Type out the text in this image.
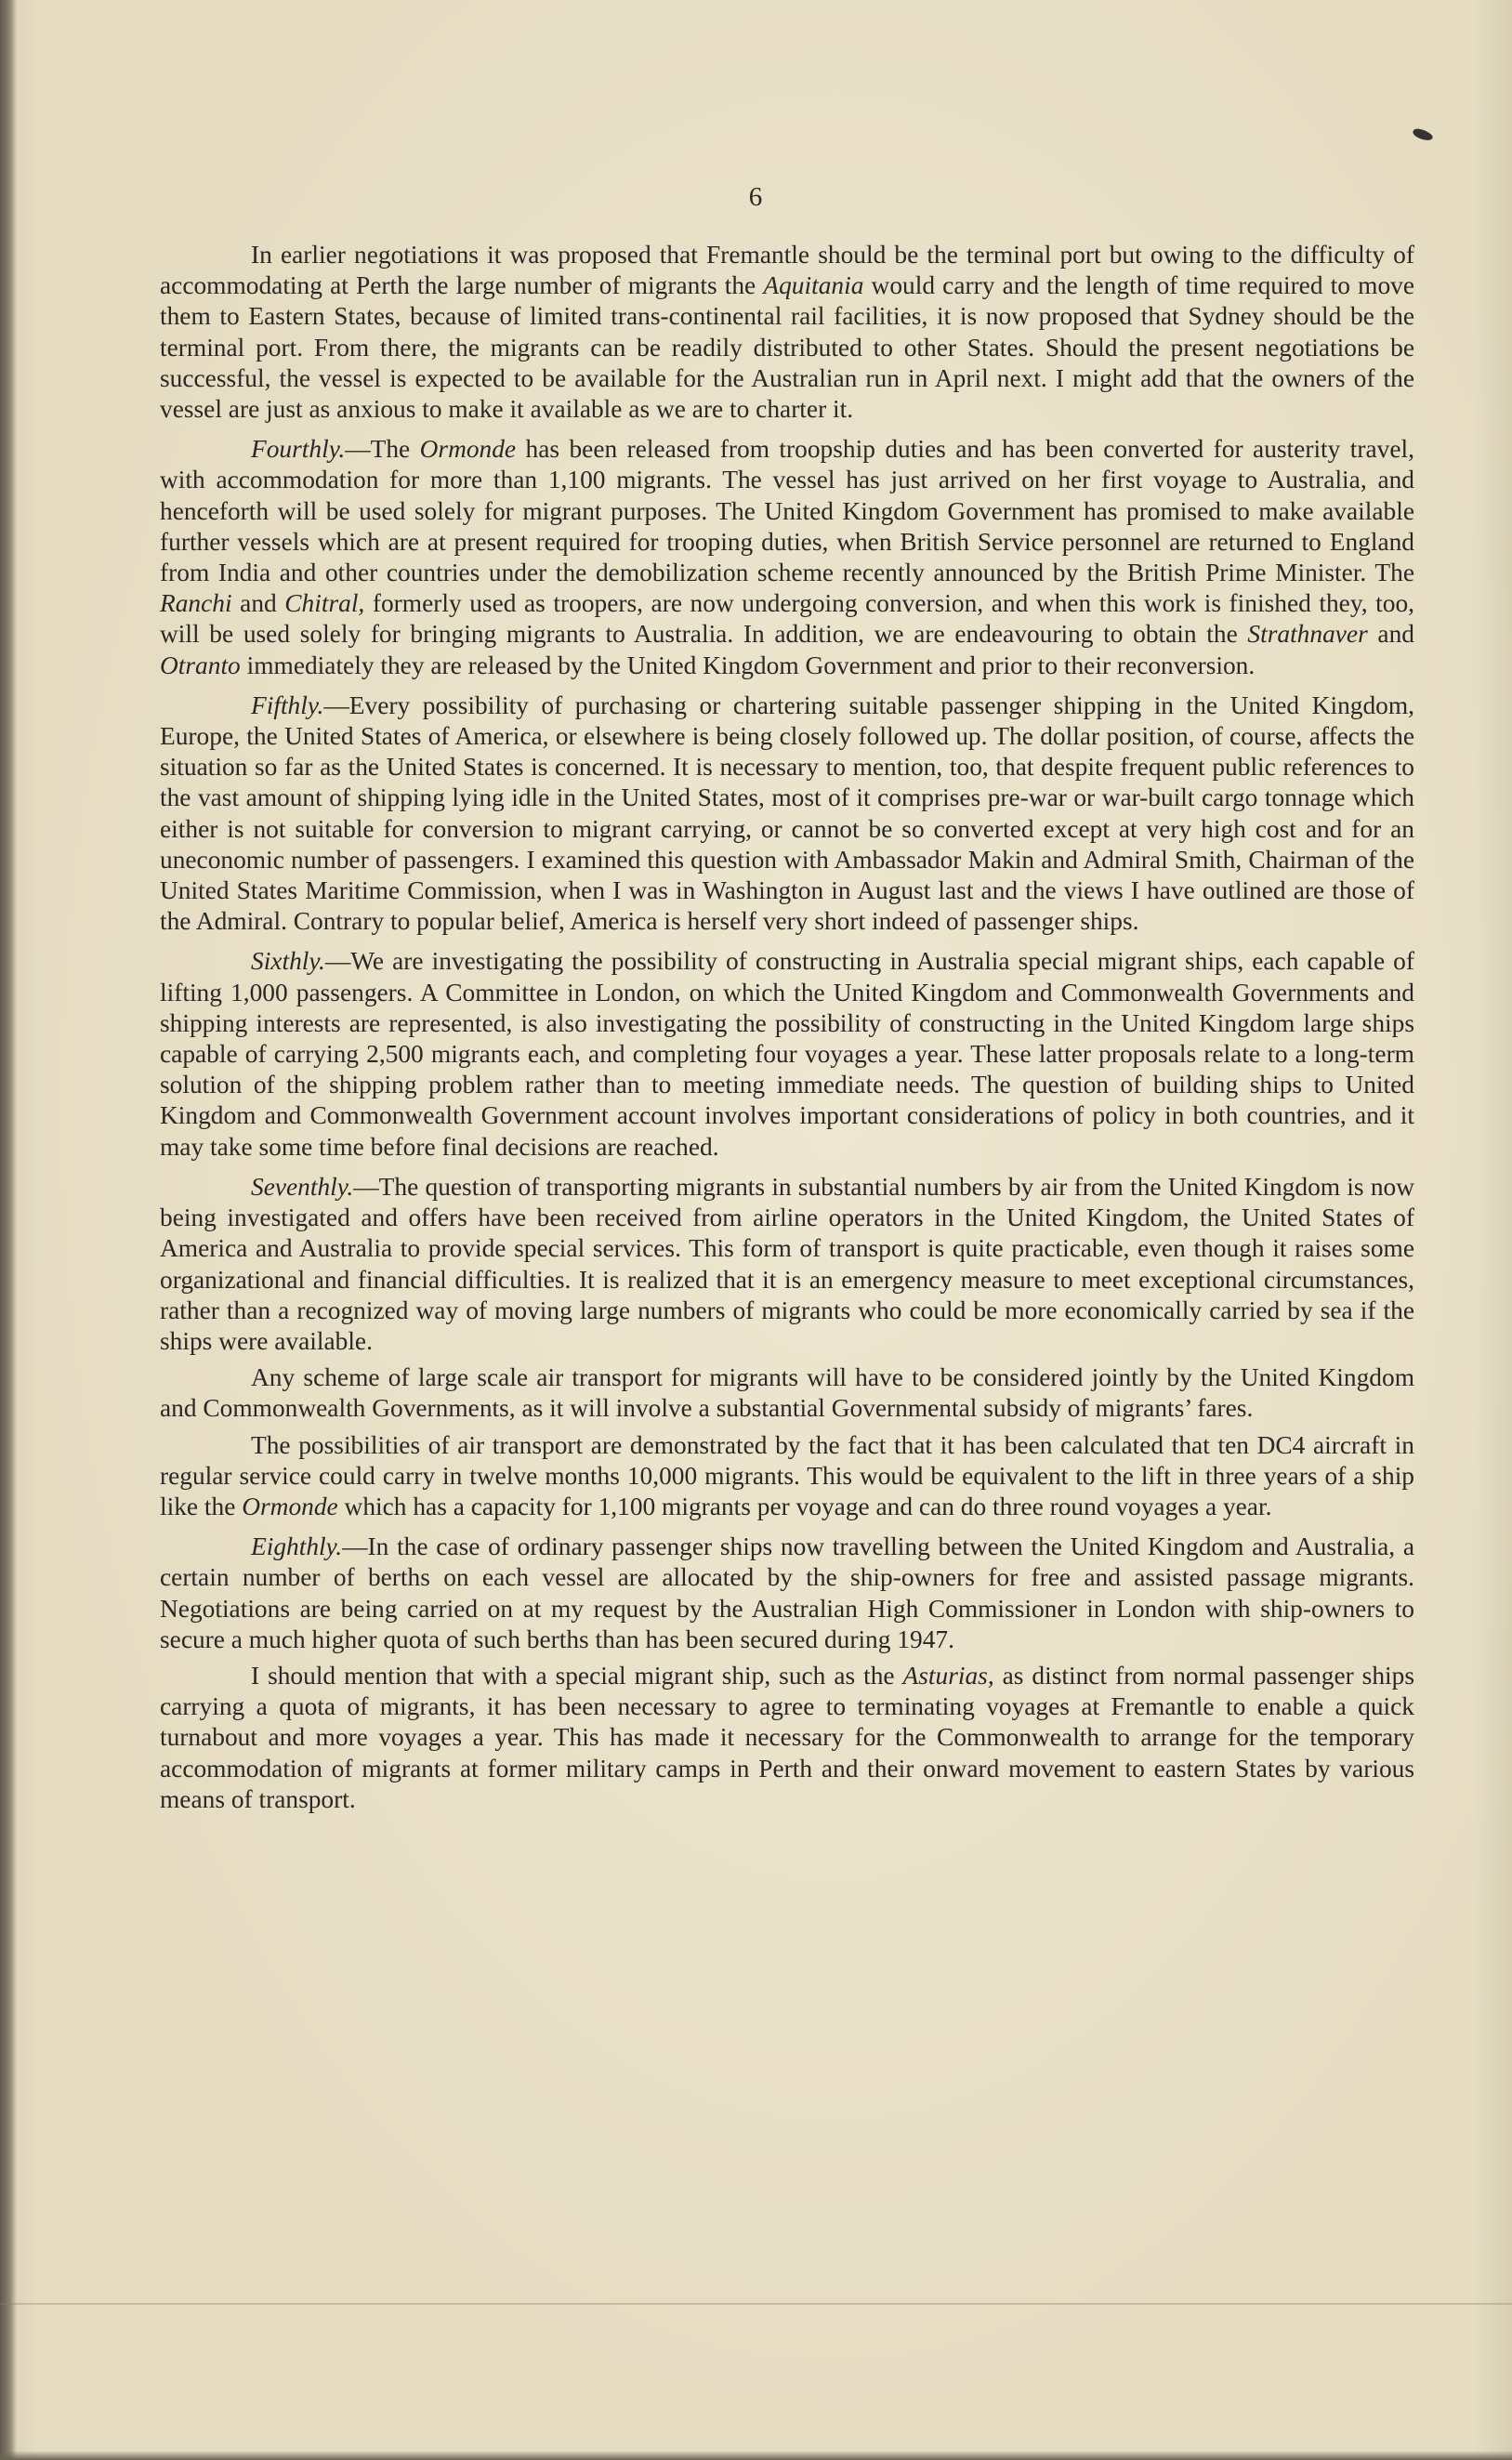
6

In earlier negotiations it was proposed that Fremantle should be the terminal port but owing to the difficulty of accommodating at Perth the large number of migrants the Aquitania would carry and the length of time required to move them to Eastern States, because of limited trans-continental rail facilities, it is now proposed that Sydney should be the terminal port. From there, the migrants can be readily distributed to other States. Should the present negotiations be successful, the vessel is expected to be available for the Australian run in April next. I might add that the owners of the vessel are just as anxious to make it available as we are to charter it.

Fourthly.—The Ormonde has been released from troopship duties and has been converted for austerity travel, with accommodation for more than 1,100 migrants. The vessel has just arrived on her first voyage to Australia, and henceforth will be used solely for migrant purposes. The United Kingdom Government has promised to make available further vessels which are at present required for trooping duties, when British Service personnel are returned to England from India and other countries under the demobilization scheme recently announced by the British Prime Minister. The Ranchi and Chitral, formerly used as troopers, are now undergoing conversion, and when this work is finished they, too, will be used solely for bringing migrants to Australia. In addition, we are endeavouring to obtain the Strathnaver and Otranto immediately they are released by the United Kingdom Government and prior to their reconversion.

Fifthly.—Every possibility of purchasing or chartering suitable passenger shipping in the United Kingdom, Europe, the United States of America, or elsewhere is being closely followed up. The dollar position, of course, affects the situation so far as the United States is concerned. It is necessary to mention, too, that despite frequent public references to the vast amount of shipping lying idle in the United States, most of it comprises pre-war or war-built cargo tonnage which either is not suitable for conversion to migrant carrying, or cannot be so converted except at very high cost and for an uneconomic number of passengers. I examined this question with Ambassador Makin and Admiral Smith, Chairman of the United States Maritime Commission, when I was in Washington in August last and the views I have outlined are those of the Admiral. Contrary to popular belief, America is herself very short indeed of passenger ships.

Sixthly.—We are investigating the possibility of constructing in Australia special migrant ships, each capable of lifting 1,000 passengers. A Committee in London, on which the United Kingdom and Commonwealth Governments and shipping interests are represented, is also investigating the possibility of constructing in the United Kingdom large ships capable of carrying 2,500 migrants each, and completing four voyages a year. These latter proposals relate to a long-term solution of the shipping problem rather than to meeting immediate needs. The question of building ships to United Kingdom and Commonwealth Government account involves important considerations of policy in both countries, and it may take some time before final decisions are reached.

Seventhly.—The question of transporting migrants in substantial numbers by air from the United Kingdom is now being investigated and offers have been received from airline operators in the United Kingdom, the United States of America and Australia to provide special services. This form of transport is quite practicable, even though it raises some organizational and financial difficulties. It is realized that it is an emergency measure to meet exceptional circumstances, rather than a recognized way of moving large numbers of migrants who could be more economically carried by sea if the ships were available.

Any scheme of large scale air transport for migrants will have to be considered jointly by the United Kingdom and Commonwealth Governments, as it will involve a substantial Governmental subsidy of migrants’ fares.

The possibilities of air transport are demonstrated by the fact that it has been calculated that ten DC4 aircraft in regular service could carry in twelve months 10,000 migrants. This would be equivalent to the lift in three years of a ship like the Ormonde which has a capacity for 1,100 migrants per voyage and can do three round voyages a year.

Eighthly.—In the case of ordinary passenger ships now travelling between the United Kingdom and Australia, a certain number of berths on each vessel are allocated by the ship-owners for free and assisted passage migrants. Negotiations are being carried on at my request by the Australian High Commissioner in London with ship-owners to secure a much higher quota of such berths than has been secured during 1947.

I should mention that with a special migrant ship, such as the Asturias, as distinct from normal passenger ships carrying a quota of migrants, it has been necessary to agree to terminating voyages at Fremantle to enable a quick turnabout and more voyages a year. This has made it necessary for the Commonwealth to arrange for the temporary accommodation of migrants at former military camps in Perth and their onward movement to eastern States by various means of transport.
